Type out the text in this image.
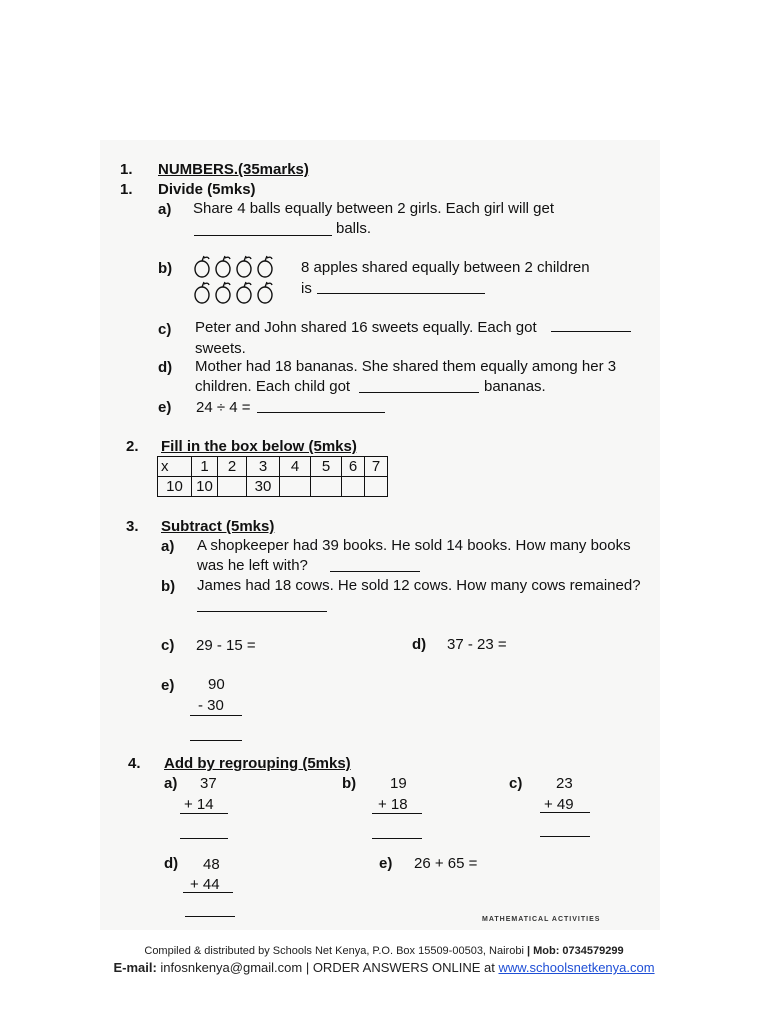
1. NUMBERS.(35marks)
1. Divide (5mks)
a) Share 4 balls equally between 2 girls. Each girl will get
balls.
b)	8 apples shared equally between 2 children
is
c) Peter and John shared 16 sweets equally. Each got
sweets.
d) Mother had 18 bananas. She shared them equally among her 3
children. Each child got	bananas.
e) 24 ÷ 4 =
2. Fill in the box below (5mks)
x	1	2	3	4	5	6	7
10	10		30				
3. Subtract (5mks)
a) A shopkeeper had 39 books. He sold 14 books. How many books
was he left with?
b) James had 18 cows. He sold 12 cows. How many cows remained?
c) 29 - 15 =	d) 37 - 23 =
e) 90
- 30
4. Add by regrouping (5mks)
a) 37
+ 14
b) 19
+ 18
c) 23
+ 49
d) 48
+ 44
e) 26 + 65 =
MATHEMATICAL ACTIVITIES
Compiled & distributed by Schools Net Kenya, P.O. Box 15509-00503, Nairobi | Mob: 0734579299
E-mail: infosnkenya@gmail.com | ORDER ANSWERS ONLINE at www.schoolsnetkenya.com
